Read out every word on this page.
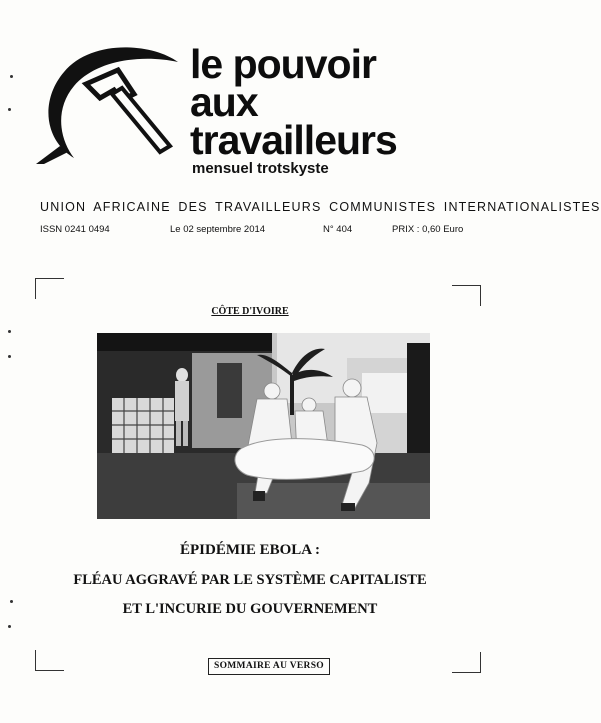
le pouvoir
aux
travailleurs
mensuel trotskyste
UNION AFRICAINE DES TRAVAILLEURS COMMUNISTES INTERNATIONALISTES
ISSN 0241 0494	Le 02 septembre 2014	N° 404	PRIX : 0,60 Euro
CÔTE D'IVOIRE
ÉPIDÉMIE EBOLA :
FLÉAU AGGRAVÉ PAR LE SYSTÈME CAPITALISTE
ET L'INCURIE DU GOUVERNEMENT
SOMMAIRE AU VERSO
